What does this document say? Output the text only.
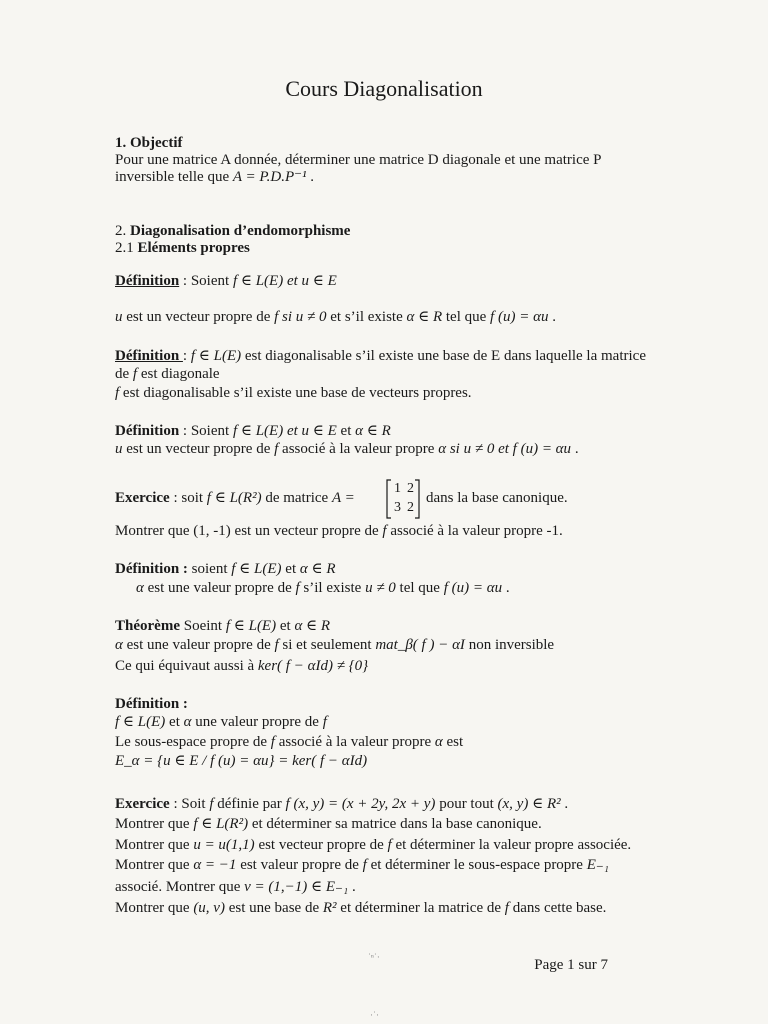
Cours Diagonalisation
1. Objectif
Pour une matrice A donnée, déterminer une matrice D diagonale et une matrice P
inversible telle que A = P.D.P⁻¹ .
2. Diagonalisation d’endomorphisme
2.1 Eléments propres
Définition : Soient f ∈ L(E) et u ∈ E
u est un vecteur propre de f si u ≠ 0 et s’il existe α ∈ R tel que f (u) = αu .
Définition : f ∈ L(E) est diagonalisable s’il existe une base de E dans laquelle la matrice
de f est diagonale
f est diagonalisable s’il existe une base de vecteurs propres.
Définition : Soient f ∈ L(E) et u ∈ E et α ∈ R
u est un vecteur propre de f associé à la valeur propre α si u ≠ 0 et f (u) = αu .
Exercice : soit f ∈ L(R²) de matrice A =
1 2
3 2
dans la base canonique.
Montrer que (1, -1) est un vecteur propre de f associé à la valeur propre -1.
Définition : soient f ∈ L(E) et α ∈ R
α est une valeur propre de f s’il existe u ≠ 0 tel que f (u) = αu .
Théorème Soeint f ∈ L(E) et α ∈ R
α est une valeur propre de f si et seulement mat_β( f ) − αI non inversible
Ce qui équivaut aussi à ker( f − αId) ≠ {0}
Définition :
f ∈ L(E) et α une valeur propre de f
Le sous-espace propre de f associé à la valeur propre α est
E_α = {u ∈ E / f (u) = αu} = ker( f − αId)
Exercice : Soit f définie par f (x, y) = (x + 2y, 2x + y) pour tout (x, y) ∈ R² .
Montrer que f ∈ L(R²) et déterminer sa matrice dans la base canonique.
Montrer que u = u(1,1) est vecteur propre de f et déterminer la valeur propre associée.
Montrer que α = −1 est valeur propre de f et déterminer le sous-espace propre E₋₁
associé. Montrer que v = (1,−1) ∈ E₋₁ .
Montrer que (u, v) est une base de R² et déterminer la matrice de f dans cette base.
Page 1 sur 7
˙ⁿ˙·
·˙·
